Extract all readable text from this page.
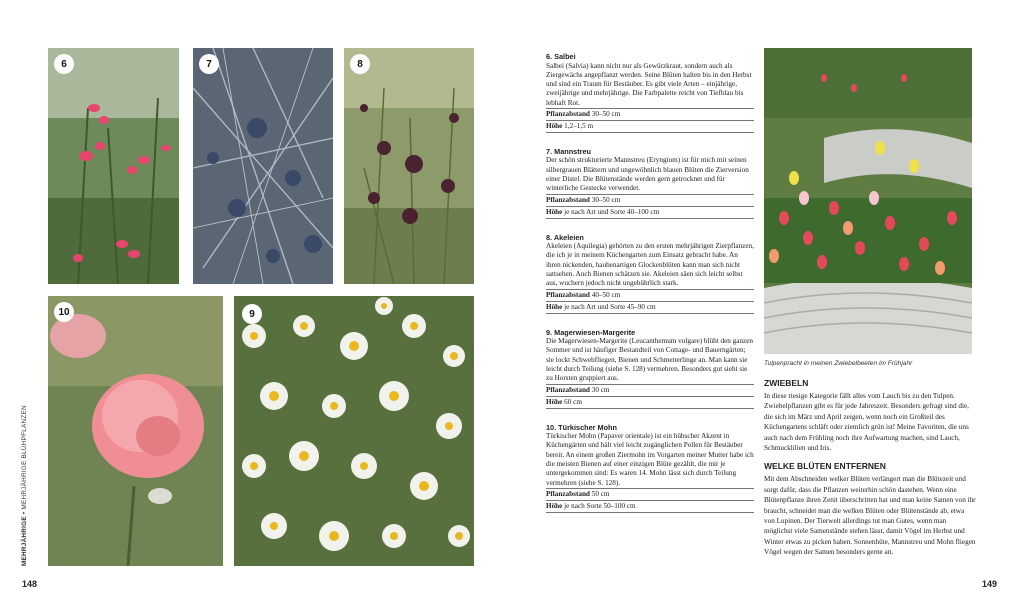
6	7	8
10	9
MEHRJÄHRIGE • MEHRJÄHRIGE BLÜHPFLANZEN
148
6. Salbei

Salbei (Salvia) kann nicht nur als Gewürzkraut, sondern auch als Ziergewächs angepflanzt werden. Seine Blüten halten bis in den Herbst und sind ein Traum für Bestäuber. Es gibt viele Arten – einjährige, zweijährige und mehrjährige. Die Farbpalette reicht von Tiefblau bis lebhaft Rot.

Pflanzabstand 30–50 cm
Höhe 1,2–1,5 m
7. Mannstreu

Der schön strukturierte Mannstreu (Eryngium) ist für mich mit seinen silbergrauen Blättern und ungewöhnlich blauen Blüten die Zierversion einer Distel. Die Blütenstände werden gern getrocknet und für winterliche Gestecke verwendet.

Pflanzabstand 30–50 cm
Höhe je nach Art und Sorte 40–100 cm
8. Akeleien

Akeleien (Aquilegia) gehörten zu den ersten mehrjährigen Zierpflanzen, die ich je in meinem Küchengarten zum Einsatz gebracht habe. An ihren nickenden, haubenartigen Glockenblüten kann man sich nicht sattsehen. Auch Bienen schätzen sie. Akeleien säen sich leicht selbst aus, wuchern jedoch nicht ungebührlich stark.

Pflanzabstand 40–50 cm
Höhe je nach Art und Sorte 45–90 cm
9. Magerwiesen-Margerite

Die Magerwiesen-Margerite (Leucanthemum vulgare) blüht den ganzen Sommer und ist häufiger Bestandteil von Cottage- und Bauerngärten; sie lockt Schwebfliegen, Bienen und Schmetterlinge an. Man kann sie leicht durch Teilung (siehe S. 128) vermehren. Besonders gut sieht sie zu Horsten gruppiert aus.

Pflanzabstand 30 cm
Höhe 60 cm
10. Türkischer Mohn

Türkischer Mohn (Papaver orientale) ist ein hübscher Akzent in Küchengärten und hält viel leicht zugänglichen Pollen für Bestäuber bereit. An einem großen Ziermohn im Vorgarten meiner Mutter habe ich die meisten Bienen auf einer einzigen Blüte gezählt, die mir je untergekommen sind: Es waren 14. Mohn lässt sich durch Teilung vermehren (siehe S. 128).

Pflanzabstand 50 cm
Höhe je nach Sorte 50–100 cm
Tulpenpracht in meinen Zwiebelbeeten im Frühjahr
ZWIEBELN

In diese riesige Kategorie fällt alles vom Lauch bis zu den Tulpen. Zwiebelpflanzen gibt es für jede Jahreszeit. Besonders gefragt sind die, die sich im März und April zeigen, wenn noch ein Großteil des Küchengartens schläft oder ziemlich grün ist! Meine Favoriten, die uns auch nach dem Frühling noch ihre Aufwartung machen, sind Lauch, Schmucklilien und Iris.

WELKE BLÜTEN ENTFERNEN

Mit dem Abschneiden welker Blüten verlängert man die Blütezeit und sorgt dafür, dass die Pflanzen weiterhin schön dastehen. Wenn eine Blütenpflanze ihren Zenit überschritten hat und man keine Samen von ihr braucht, schneidet man die welken Blüten oder Blütenstände ab, etwa von Lupinen. Der Tierwelt allerdings tut man Gutes, wenn man möglichst viele Samenstände stehen lässt, damit Vögel im Herbst und Winter etwas zu picken haben. Sonnenhüte, Mannstreu und Mohn fliegen Vögel wegen der Samen besonders gerne an.

149
